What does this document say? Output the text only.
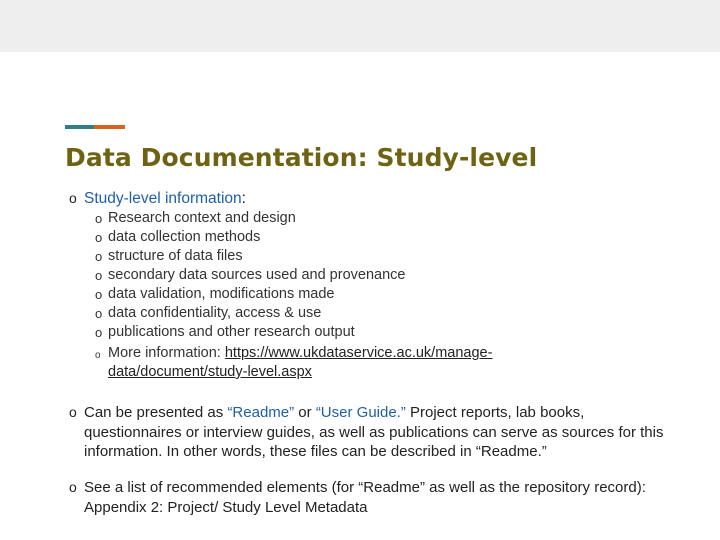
Data Documentation: Study-level
o Study-level information:
o Research context and design
o data collection methods
o structure of data files
o secondary data sources used and provenance
o data validation, modifications made
o data confidentiality, access & use
o publications and other research output
o More information: https://www.ukdataservice.ac.uk/manage-
data/document/study-level.aspx
o Can be presented as “Readme” or “User Guide.” Project reports, lab books, questionnaires or interview guides, as well as publications can serve as sources for this information. In other words, these files can be described in “Readme.”
o See a list of recommended elements (for “Readme” as well as the repository record): Appendix 2: Project/ Study Level Metadata
